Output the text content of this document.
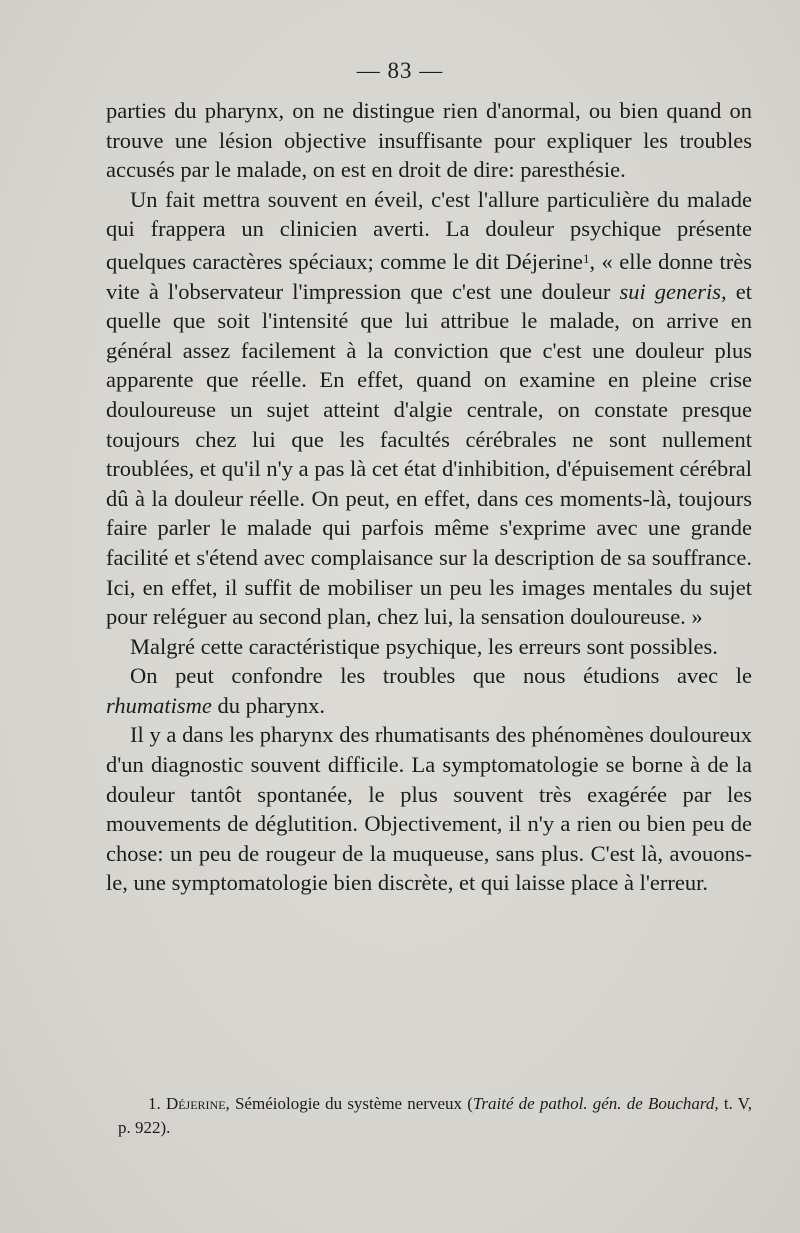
— 83 —

parties du pharynx, on ne distingue rien d'anormal, ou bien quand on trouve une lésion objective insuffisante pour expliquer les troubles accusés par le malade, on est en droit de dire: paresthésie.

Un fait mettra souvent en éveil, c'est l'allure particulière du malade qui frappera un clinicien averti. La douleur psychique présente quelques caractères spéciaux; comme le dit Déjerine$^1$, « elle donne très vite à l'observateur l'impression que c'est une douleur sui generis, et quelle que soit l'intensité que lui attribue le malade, on arrive en général assez facilement à la conviction que c'est une douleur plus apparente que réelle. En effet, quand on examine en pleine crise douloureuse un sujet atteint d'algie centrale, on constate presque toujours chez lui que les facultés cérébrales ne sont nullement troublées, et qu'il n'y a pas là cet état d'inhibition, d'épuisement cérébral dû à la douleur réelle. On peut, en effet, dans ces moments-là, toujours faire parler le malade qui parfois même s'exprime avec une grande facilité et s'étend avec complaisance sur la description de sa souffrance. Ici, en effet, il suffit de mobiliser un peu les images mentales du sujet pour reléguer au second plan, chez lui, la sensation douloureuse. »

Malgré cette caractéristique psychique, les erreurs sont possibles.

On peut confondre les troubles que nous étudions avec le rhumatisme du pharynx.

Il y a dans les pharynx des rhumatisants des phénomènes douloureux d'un diagnostic souvent difficile. La symptomatologie se borne à de la douleur tantôt spontanée, le plus souvent très exagérée par les mouvements de déglutition. Objectivement, il n'y a rien ou bien peu de chose: un peu de rougeur de la muqueuse, sans plus. C'est là, avouons-le, une symptomatologie bien discrète, et qui laisse place à l'erreur.

1. Déjerine, Séméiologie du système nerveux (Traité de pathol. gén. de Bouchard, t. V, p. 922).
